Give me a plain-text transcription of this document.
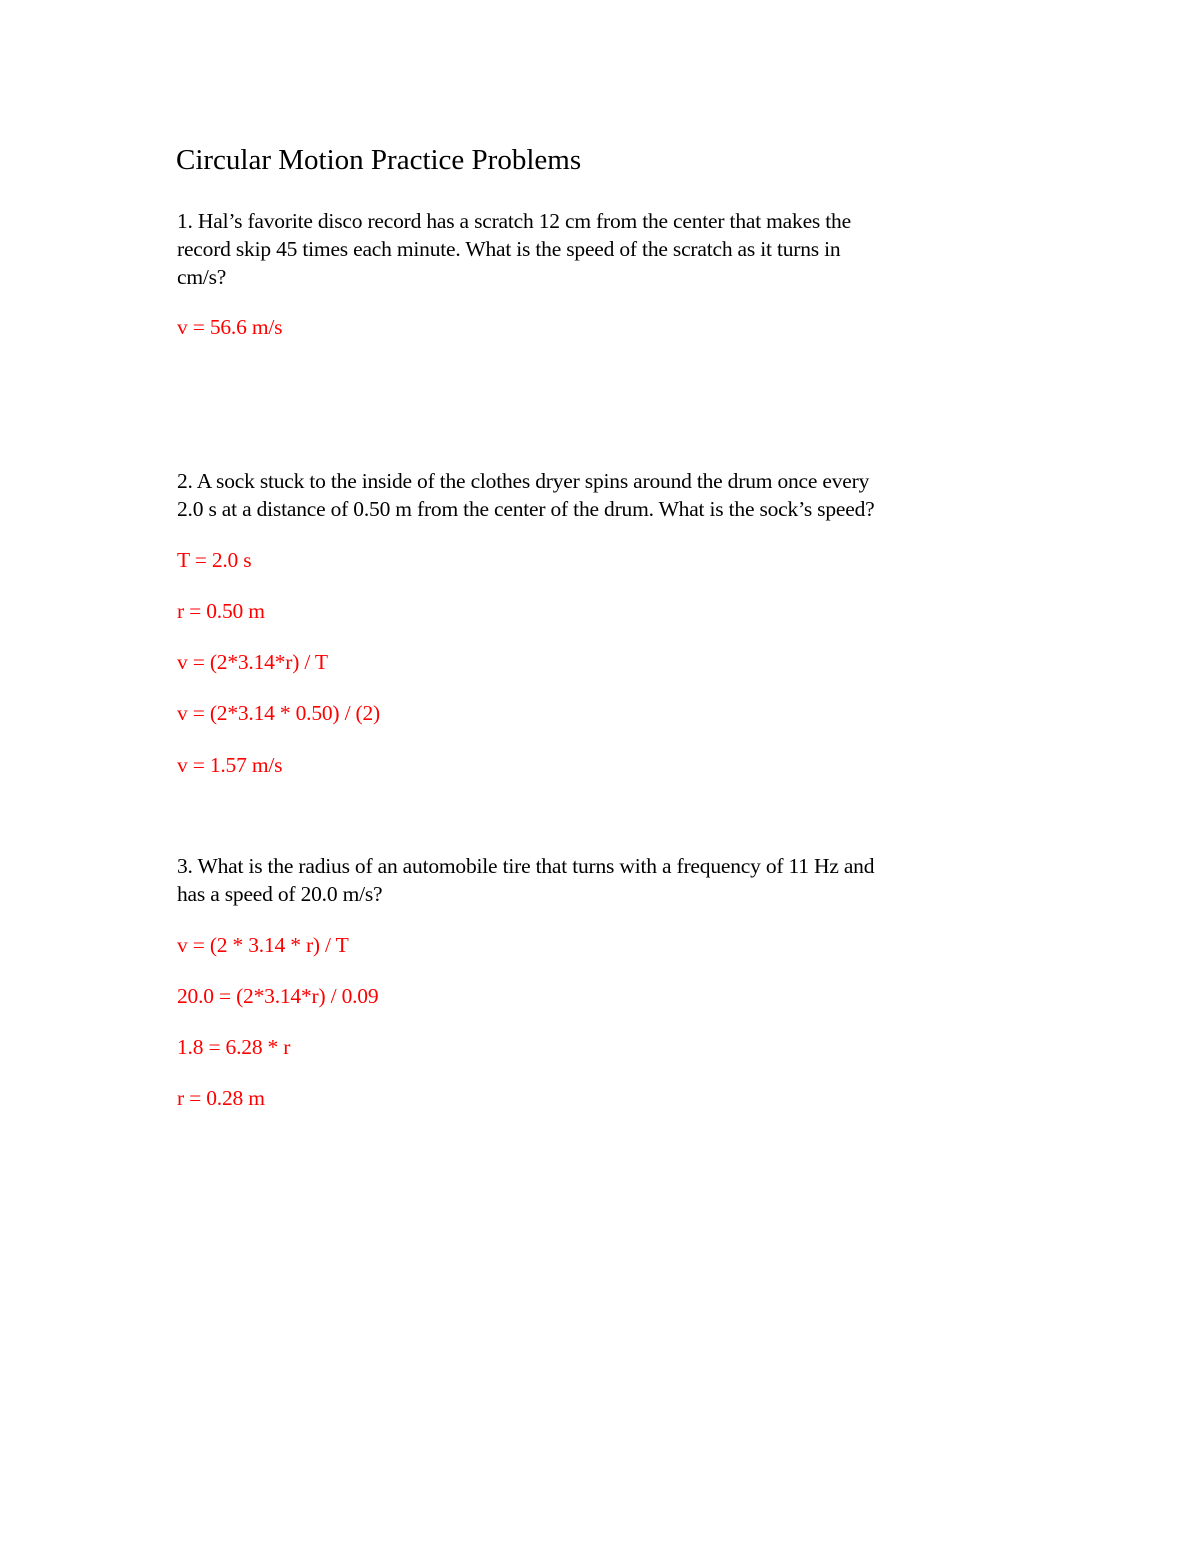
Circular Motion Practice Problems
1. Hal’s favorite disco record has a scratch 12 cm from the center that makes the
record skip 45 times each minute. What is the speed of the scratch as it turns in
cm/s?
v = 56.6 m/s
2. A sock stuck to the inside of the clothes dryer spins around the drum once every
2.0 s at a distance of 0.50 m from the center of the drum. What is the sock’s speed?
T = 2.0 s
r = 0.50 m
v = (2*3.14*r) / T
v = (2*3.14 * 0.50) / (2)
v = 1.57 m/s
3. What is the radius of an automobile tire that turns with a frequency of 11 Hz and
has a speed of 20.0 m/s?
v = (2 * 3.14 * r) / T
20.0 = (2*3.14*r) / 0.09
1.8 = 6.28 * r
r = 0.28 m
